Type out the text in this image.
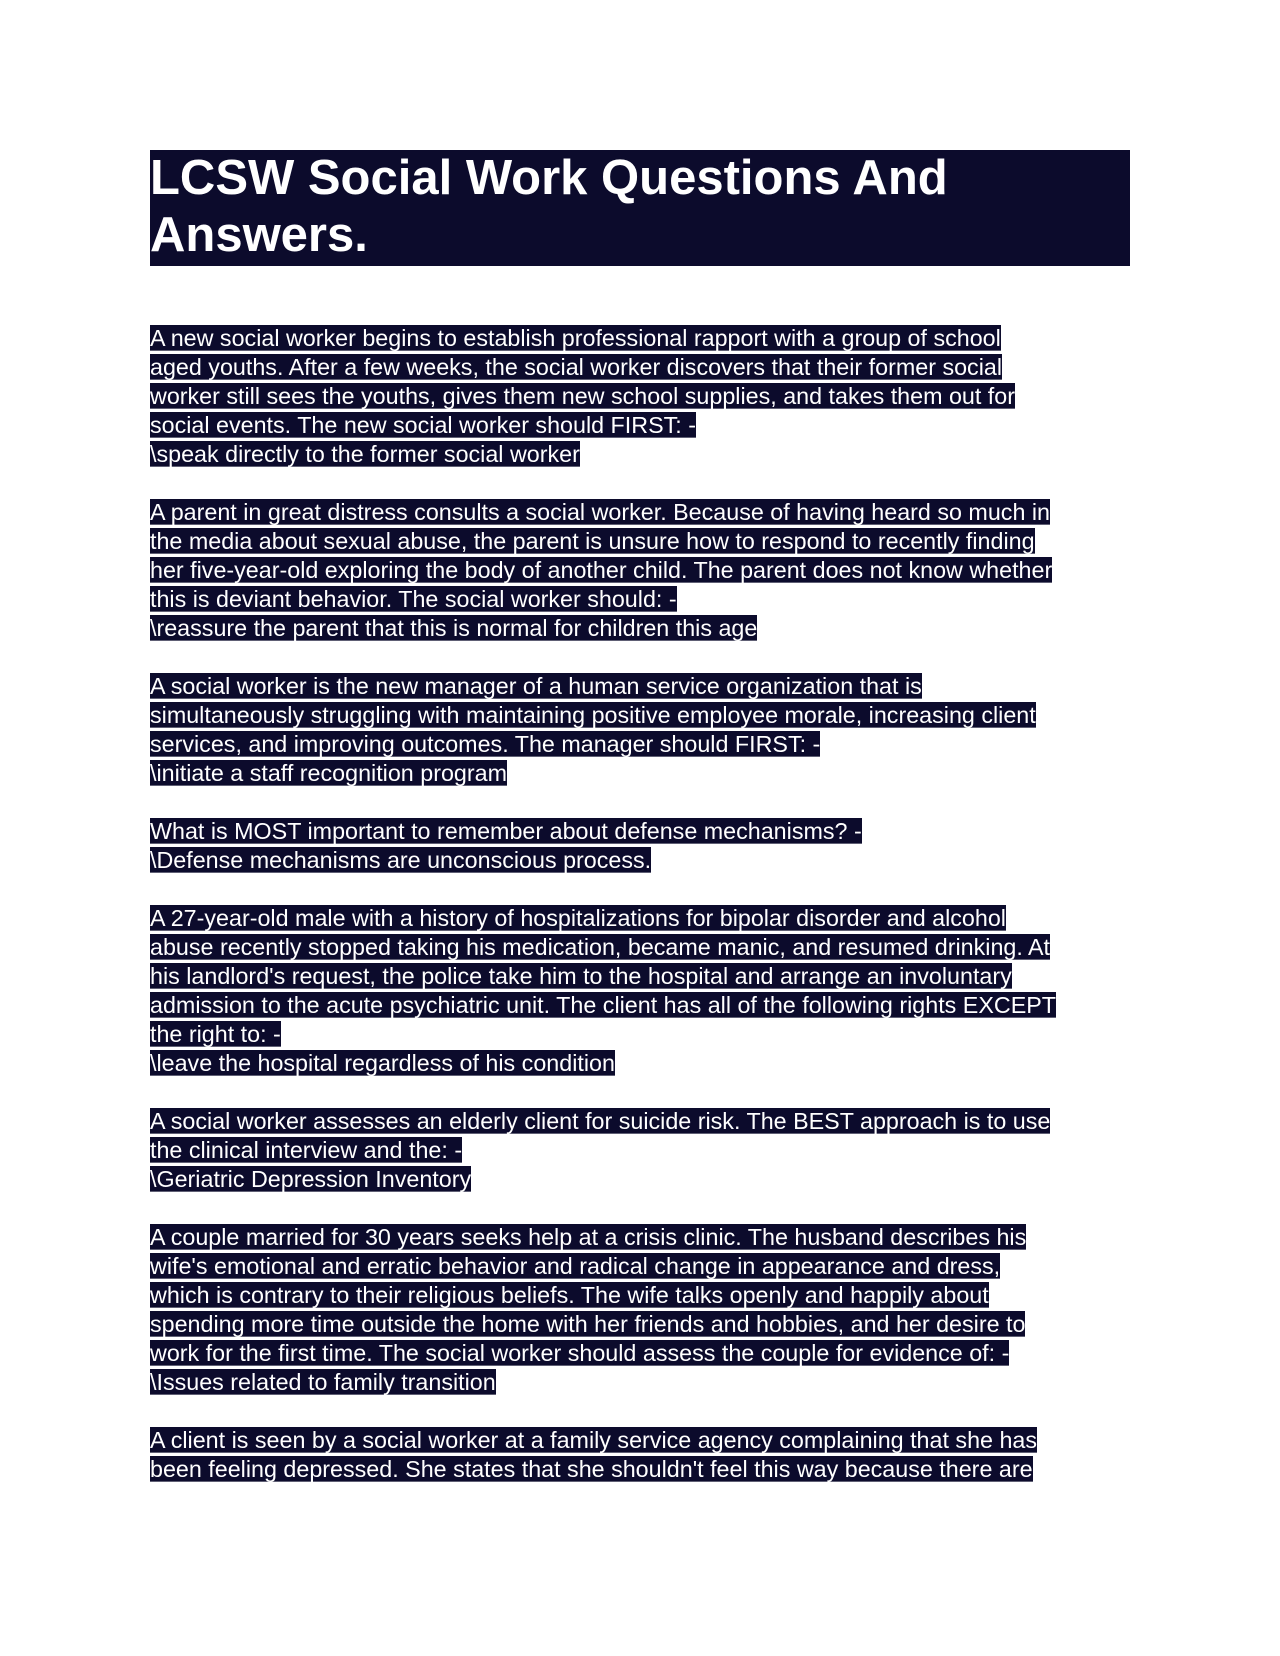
LCSW Social Work Questions And
Answers.
A new social worker begins to establish professional rapport with a group of school
aged youths. After a few weeks, the social worker discovers that their former social
worker still sees the youths, gives them new school supplies, and takes them out for
social events. The new social worker should FIRST: -
\speak directly to the former social worker
A parent in great distress consults a social worker. Because of having heard so much in
the media about sexual abuse, the parent is unsure how to respond to recently finding
her five-year-old exploring the body of another child. The parent does not know whether
this is deviant behavior. The social worker should: -
\reassure the parent that this is normal for children this age
A social worker is the new manager of a human service organization that is
simultaneously struggling with maintaining positive employee morale, increasing client
services, and improving outcomes. The manager should FIRST: -
\initiate a staff recognition program
What is MOST important to remember about defense mechanisms? -
\Defense mechanisms are unconscious process.
A 27-year-old male with a history of hospitalizations for bipolar disorder and alcohol
abuse recently stopped taking his medication, became manic, and resumed drinking. At
his landlord's request, the police take him to the hospital and arrange an involuntary
admission to the acute psychiatric unit. The client has all of the following rights EXCEPT
the right to: -
\leave the hospital regardless of his condition
A social worker assesses an elderly client for suicide risk. The BEST approach is to use
the clinical interview and the: -
\Geriatric Depression Inventory
A couple married for 30 years seeks help at a crisis clinic. The husband describes his
wife's emotional and erratic behavior and radical change in appearance and dress,
which is contrary to their religious beliefs. The wife talks openly and happily about
spending more time outside the home with her friends and hobbies, and her desire to
work for the first time. The social worker should assess the couple for evidence of: -
\Issues related to family transition
A client is seen by a social worker at a family service agency complaining that she has
been feeling depressed. She states that she shouldn't feel this way because there are
